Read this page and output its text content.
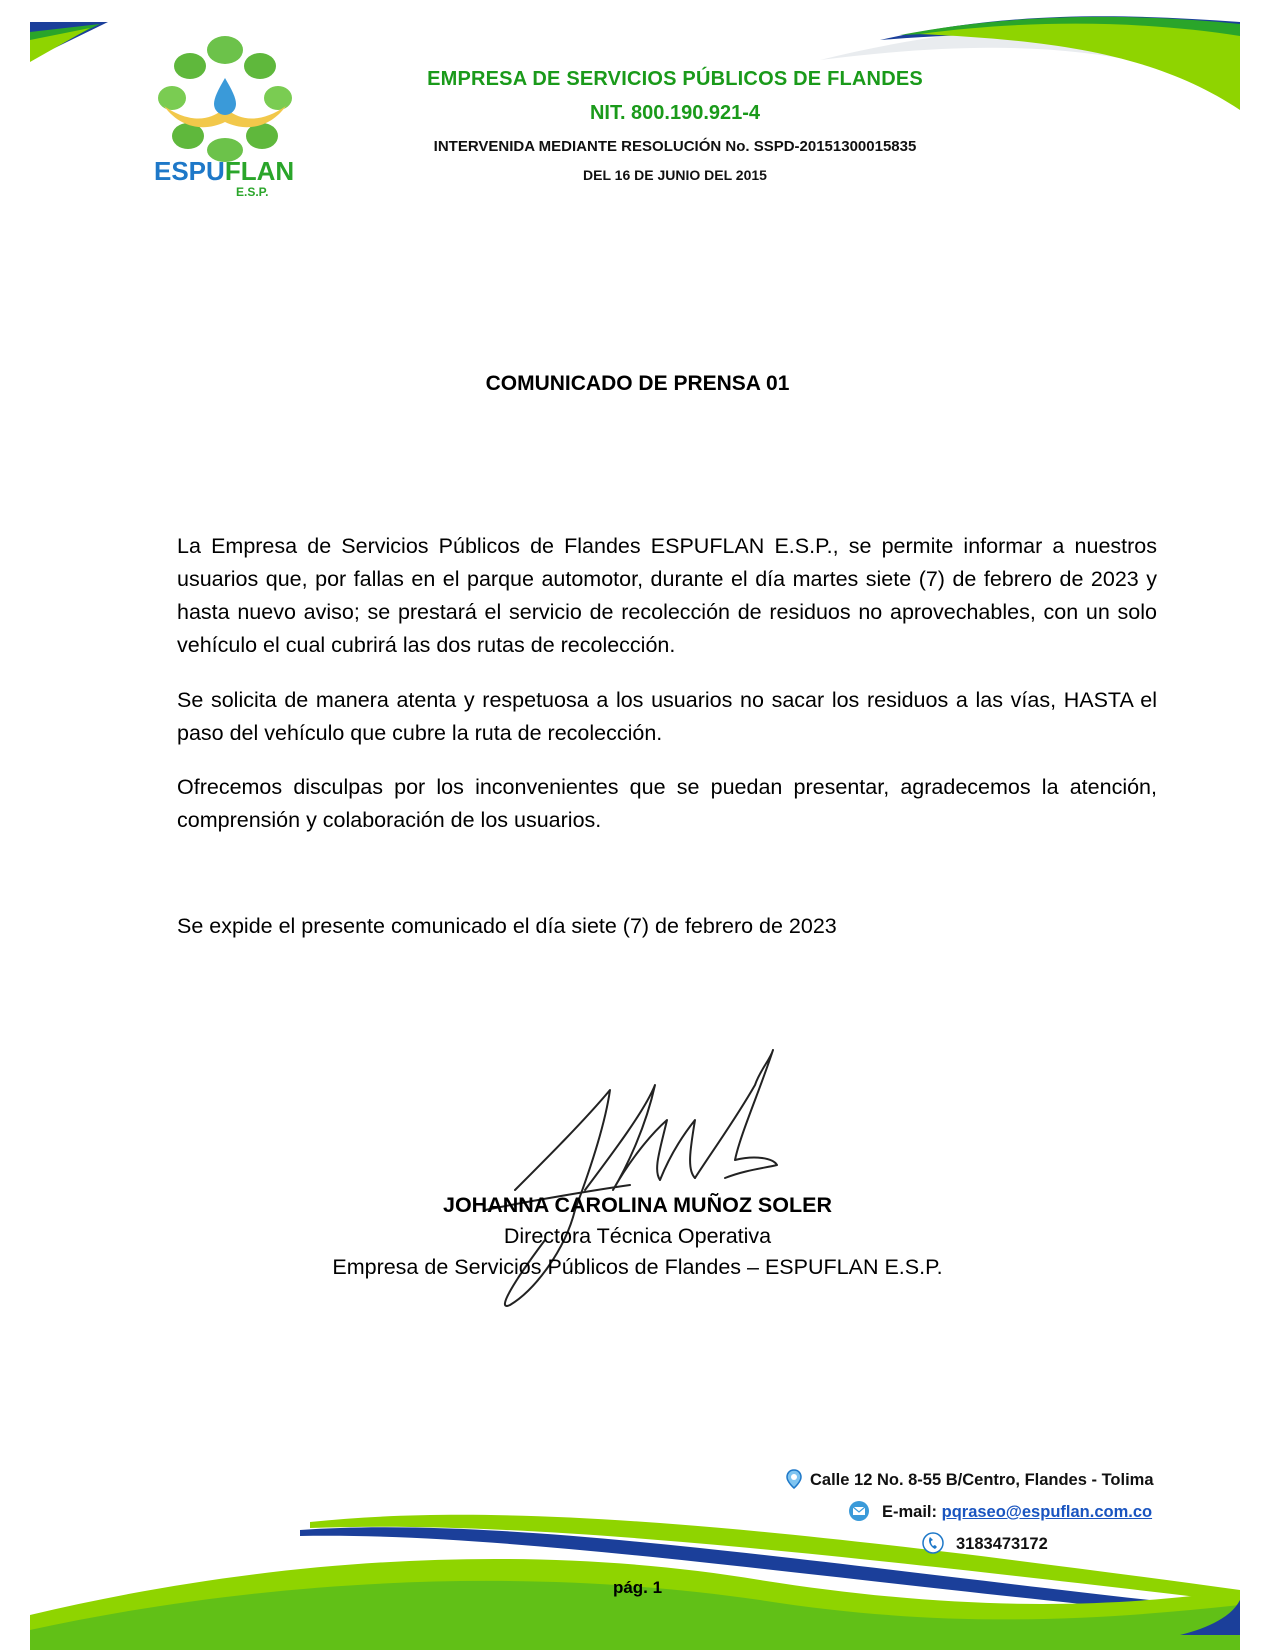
ESPUFLAN
E.S.P.
EMPRESA DE SERVICIOS PÚBLICOS DE FLANDES
NIT. 800.190.921-4
INTERVENIDA MEDIANTE RESOLUCIÓN No. SSPD-20151300015835
DEL 16 DE JUNIO DEL 2015
COMUNICADO DE PRENSA 01
La Empresa de Servicios Públicos de Flandes ESPUFLAN E.S.P., se permite informar a nuestros usuarios que, por fallas en el parque automotor, durante el día martes siete (7) de febrero de 2023 y hasta nuevo aviso; se prestará el servicio de recolección de residuos no aprovechables, con un solo vehículo el cual cubrirá las dos rutas de recolección.
Se solicita de manera atenta y respetuosa a los usuarios no sacar los residuos a las vías, HASTA el paso del vehículo que cubre la ruta de recolección.
Ofrecemos disculpas por los inconvenientes que se puedan presentar, agradecemos la atención, comprensión y colaboración de los usuarios.
Se expide el presente comunicado el día siete (7) de febrero de 2023
JOHANNA CAROLINA MUÑOZ SOLER
Directora Técnica Operativa
Empresa de Servicios Públicos de Flandes – ESPUFLAN E.S.P.
Calle 12 No. 8-55 B/Centro, Flandes - Tolima
E-mail: pqraseo@espuflan.com.co
3183473172
pág. 1
